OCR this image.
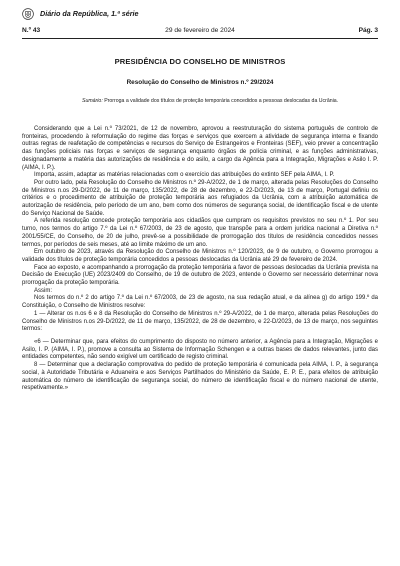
Diário da República, 1.ª série
29 de fevereiro de 2024
N.º 43	Pág. 3
PRESIDÊNCIA DO CONSELHO DE MINISTROS
Resolução do Conselho de Ministros n.º 29/2024
Sumário: Prorroga a validade dos títulos de proteção temporária concedidos a pessoas deslocadas da Ucrânia.

Considerando que a Lei n.º 73/2021, de 12 de novembro, aprovou a reestruturação do sistema português de controlo de fronteiras, procedendo à reformulação do regime das forças e serviços que exercem a atividade de segurança interna e fixando outras regras de reafetação de competências e recursos do Serviço de Estrangeiros e Fronteiras (SEF), veio prever a concentração das funções policiais nas forças e serviços de segurança enquanto órgãos de polícia criminal, e as funções administrativas, designadamente a matéria das autorizações de residência e do asilo, a cargo da Agência para a Integração, Migrações e Asilo I. P. (AIMA, I. P.).

Importa, assim, adaptar as matérias relacionadas com o exercício das atribuições do extinto SEF pela AIMA, I. P.

Por outro lado, pela Resolução do Conselho de Ministros n.º 29-A/2022, de 1 de março, alterada pelas Resoluções do Conselho de Ministros n.os 29-D/2022, de 11 de março, 135/2022, de 28 de dezembro, e 22-D/2023, de 13 de março, Portugal definiu os critérios e o procedimento de atribuição de proteção temporária aos refugiados da Ucrânia, com a atribuição automática de autorização de residência, pelo período de um ano, bem como dos números de segurança social, de identificação fiscal e de utente do Serviço Nacional de Saúde.

A referida resolução concede proteção temporária aos cidadãos que cumpram os requisitos previstos no seu n.º 1. Por seu turno, nos termos do artigo 7.º da Lei n.º 67/2003, de 23 de agosto, que transpõe para a ordem jurídica nacional a Diretiva n.º 2001/55/CE, do Conselho, de 20 de julho, prevê-se a possibilidade de prorrogação dos títulos de residência concedidos nesses termos, por períodos de seis meses, até ao limite máximo de um ano.

Em outubro de 2023, através da Resolução do Conselho de Ministros n.º 120/2023, de 9 de outubro, o Governo prorrogou a validade dos títulos de proteção temporária concedidos a pessoas deslocadas da Ucrânia até 29 de fevereiro de 2024.

Face ao exposto, e acompanhando a prorrogação da proteção temporária a favor de pessoas deslocadas da Ucrânia prevista na Decisão de Execução (UE) 2023/2409 do Conselho, de 19 de outubro de 2023, entende o Governo ser necessário determinar nova prorrogação da proteção temporária.

Assim:

Nos termos do n.º 2 do artigo 7.º da Lei n.º 67/2003, de 23 de agosto, na sua redação atual, e da alínea g) do artigo 199.º da Constituição, o Conselho de Ministros resolve:

1 — Alterar os n.os 6 e 8 da Resolução do Conselho de Ministros n.º 29-A/2022, de 1 de março, alterada pelas Resoluções do Conselho de Ministros n.os 29-D/2022, de 11 de março, 135/2022, de 28 de dezembro, e 22-D/2023, de 13 de março, nos seguintes termos:

«6 — Determinar que, para efeitos do cumprimento do disposto no número anterior, a Agência para a Integração, Migrações e Asilo, I. P. (AIMA, I. P.), promove a consulta ao Sistema de Informação Schengen e a outras bases de dados relevantes, junto das entidades competentes, não sendo exigível um certificado de registo criminal.

8 — Determinar que a declaração comprovativa do pedido de proteção temporária é comunicada pela AIMA, I. P., à segurança social, à Autoridade Tributária e Aduaneira e aos Serviços Partilhados do Ministério da Saúde, E. P. E., para efeitos de atribuição automática do número de identificação de segurança social, do número de identificação fiscal e do número nacional de utente, respetivamente.»
